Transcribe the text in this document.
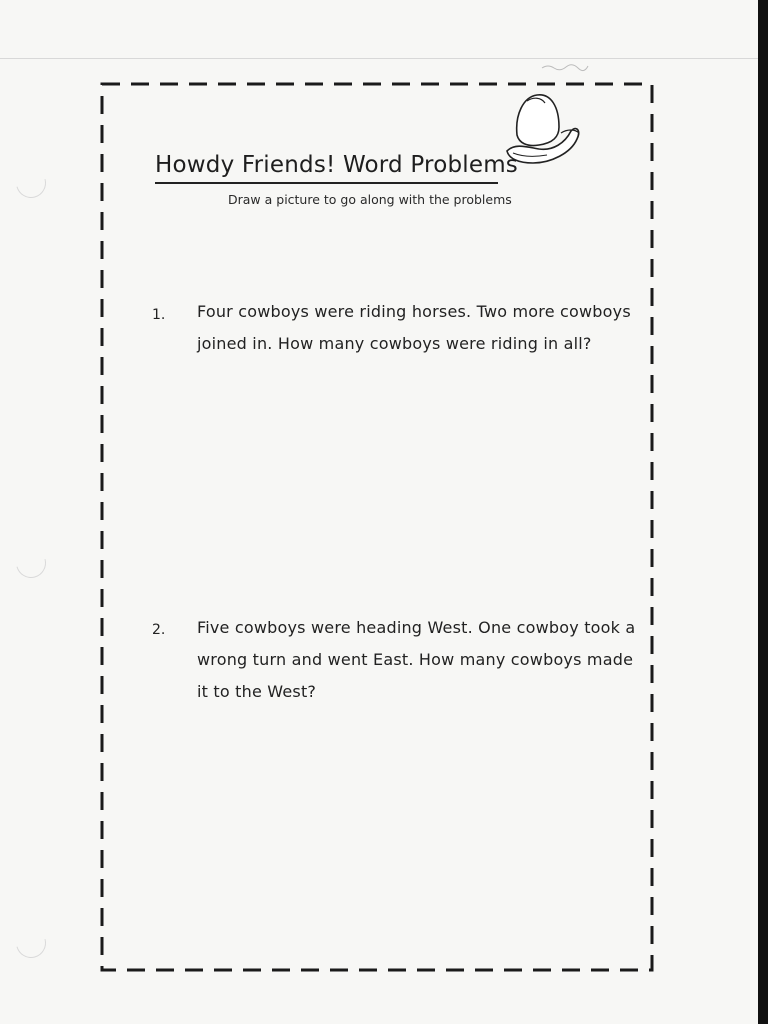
Howdy Friends! Word Problems
Draw a picture to go along with the problems
1. Four cowboys were riding horses. Two more cowboys joined in. How many cowboys were riding in all?
2. Five cowboys were heading West. One cowboy took a wrong turn and went East. How many cowboys made it to the West?
